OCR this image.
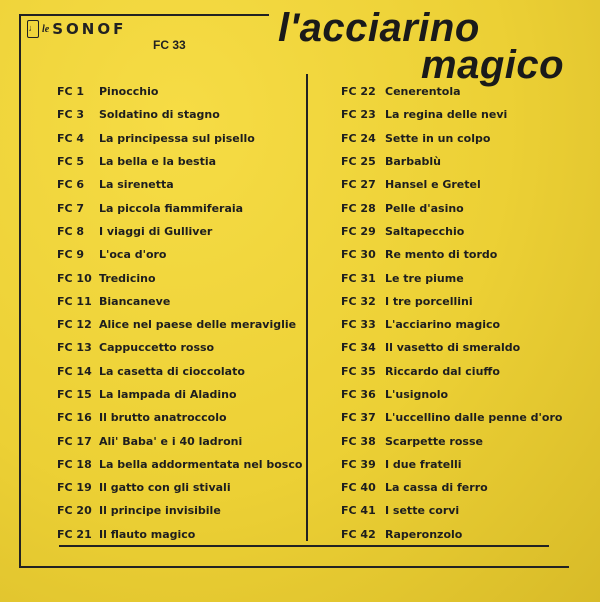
♩ le SONOF
FC 33 l'acciarino
magico
FC 1	Pinocchio
FC 3	Soldatino di stagno
FC 4	La principessa sul pisello
FC 5	La bella e la bestia
FC 6	La sirenetta
FC 7	La piccola fiammiferaia
FC 8	I viaggi di Gulliver
FC 9	L'oca d'oro
FC 10 Tredicino
FC 11 Biancaneve
FC 12 Alice nel paese delle meraviglie
FC 13 Cappuccetto rosso
FC 14 La casetta di cioccolato
FC 15 La lampada di Aladino
FC 16 Il brutto anatroccolo
FC 17 Ali' Baba' e i 40 ladroni
FC 18 La bella addormentata nel bosco
FC 19 Il gatto con gli stivali
FC 20 Il principe invisibile
FC 21 Il flauto magico
FC 22 Cenerentola
FC 23 La regina delle nevi
FC 24 Sette in un colpo
FC 25 Barbablù
FC 27 Hansel e Gretel
FC 28 Pelle d'asino
FC 29 Saltapecchio
FC 30 Re mento di tordo
FC 31 Le tre piume
FC 32 I tre porcellini
FC 33 L'acciarino magico
FC 34 Il vasetto di smeraldo
FC 35 Riccardo dal ciuffo
FC 36 L'usignolo
FC 37 L'uccellino dalle penne d'oro
FC 38 Scarpette rosse
FC 39 I due fratelli
FC 40 La cassa di ferro
FC 41 I sette corvi
FC 42 Raperonzolo
